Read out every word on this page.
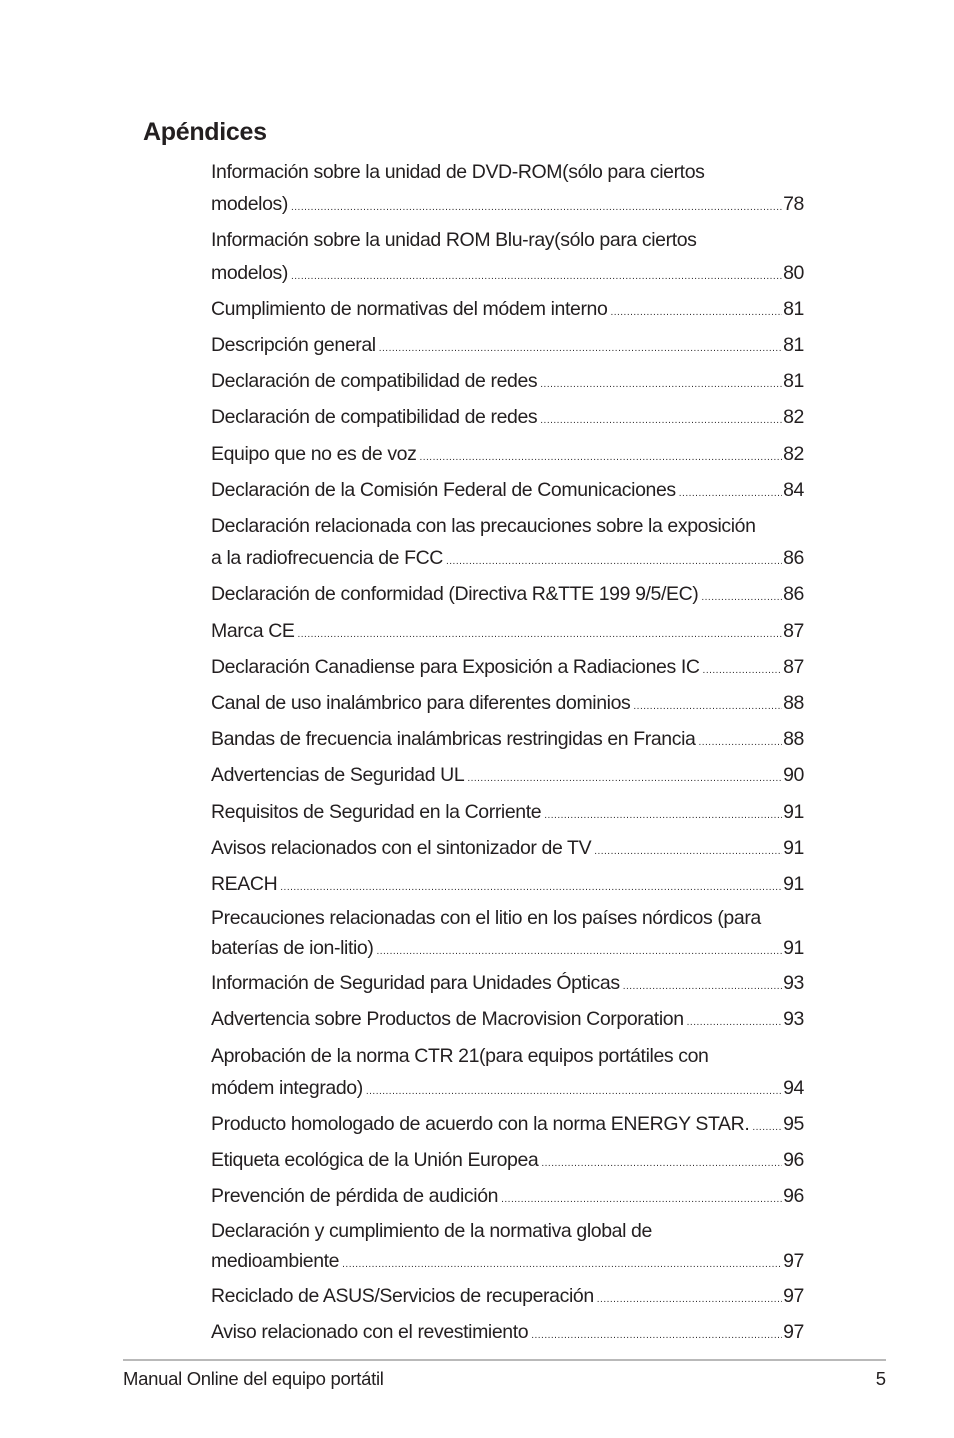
Apéndices
Información sobre la unidad de DVD-ROM(sólo para ciertos
modelos) .....	78
Información sobre la unidad ROM Blu-ray(sólo para ciertos
modelos) .....	80
Cumplimiento de normativas del módem interno .....	81
Descripción general .....	81
Declaración de compatibilidad de redes .....	81
Declaración de compatibilidad de redes .....	82
Equipo que no es de voz .....	82
Declaración de la Comisión Federal de Comunicaciones .....	84
Declaración relacionada con las precauciones sobre la exposición
a la radiofrecuencia de FCC .....	86
Declaración de conformidad (Directiva R&TTE 199 9/5/EC) .....	86
Marca CE .....	87
Declaración Canadiense para Exposición a Radiaciones IC .....	87
Canal de uso inalámbrico para diferentes dominios .....	88
Bandas de frecuencia inalámbricas restringidas en Francia .....	88
Advertencias de Seguridad UL .....	90
Requisitos de Seguridad en la Corriente .....	91
Avisos relacionados con el sintonizador de TV .....	91
REACH .....	91
Precauciones relacionadas con el litio en los países nórdicos (para
baterías de ion-litio) .....	91
Información de Seguridad para Unidades Ópticas .....	93
Advertencia sobre Productos de Macrovision Corporation .....	93
Aprobación de la norma CTR 21(para equipos portátiles con
módem integrado) .....	94
Producto homologado de acuerdo con la norma ENERGY STAR. ..... 95
Etiqueta ecológica de la Unión Europea .....	96
Prevención de pérdida de audición .....	96
Declaración y cumplimiento de la normativa global de
medioambiente .....	97
Reciclado de ASUS/Servicios de recuperación .....	97
Aviso relacionado con el revestimiento .....	97
Manual Online del equipo portátil	5
